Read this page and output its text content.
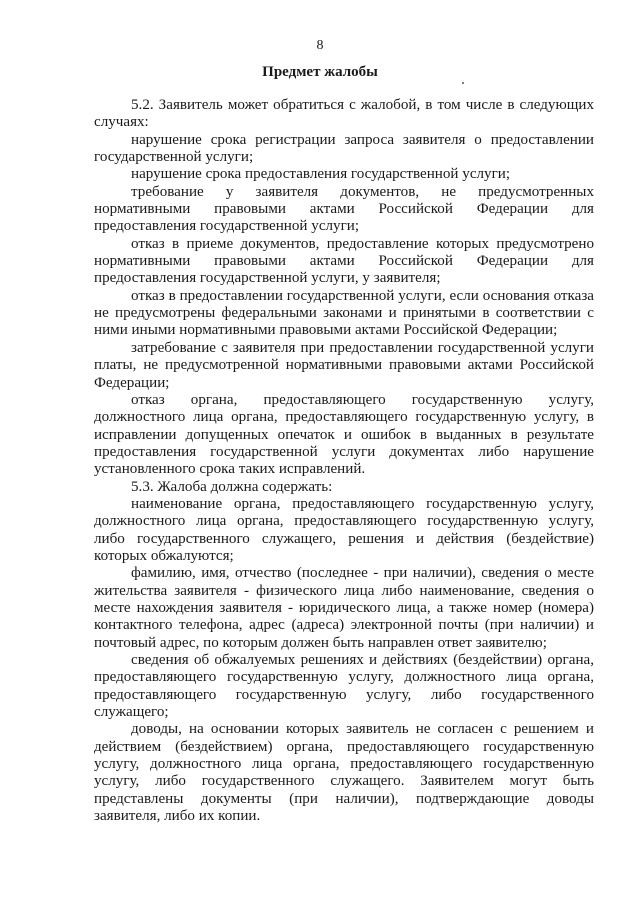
8
Предмет жалобы

5.2. Заявитель может обратиться с жалобой, в том числе в следующих случаях:

нарушение срока регистрации запроса заявителя о предоставлении государственной услуги;

нарушение срока предоставления государственной услуги;

требование у заявителя документов, не предусмотренных нормативными правовыми актами Российской Федерации для предоставления государственной услуги;

отказ в приеме документов, предоставление которых предусмотрено нормативными правовыми актами Российской Федерации для предоставления государственной услуги, у заявителя;

отказ в предоставлении государственной услуги, если основания отказа не предусмотрены федеральными законами и принятыми в соответствии с ними иными нормативными правовыми актами Российской Федерации;

затребование с заявителя при предоставлении государственной услуги платы, не предусмотренной нормативными правовыми актами Российской Федерации;

отказ органа, предоставляющего государственную услугу, должностного лица органа, предоставляющего государственную услугу, в исправлении допущенных опечаток и ошибок в выданных в результате предоставления государственной услуги документах либо нарушение установленного срока таких исправлений.

5.3. Жалоба должна содержать:

наименование органа, предоставляющего государственную услугу, должностного лица органа, предоставляющего государственную услугу, либо государственного служащего, решения и действия (бездействие) которых обжалуются;

фамилию, имя, отчество (последнее - при наличии), сведения о месте жительства заявителя - физического лица либо наименование, сведения о месте нахождения заявителя - юридического лица, а также номер (номера) контактного телефона, адрес (адреса) электронной почты (при наличии) и почтовый адрес, по которым должен быть направлен ответ заявителю;

сведения об обжалуемых решениях и действиях (бездействии) органа, предоставляющего государственную услугу, должностного лица органа, предоставляющего государственную услугу, либо государственного служащего;

доводы, на основании которых заявитель не согласен с решением и действием (бездействием) органа, предоставляющего государственную услугу, должностного лица органа, предоставляющего государственную услугу, либо государственного служащего. Заявителем могут быть представлены документы (при наличии), подтверждающие доводы заявителя, либо их копии.
